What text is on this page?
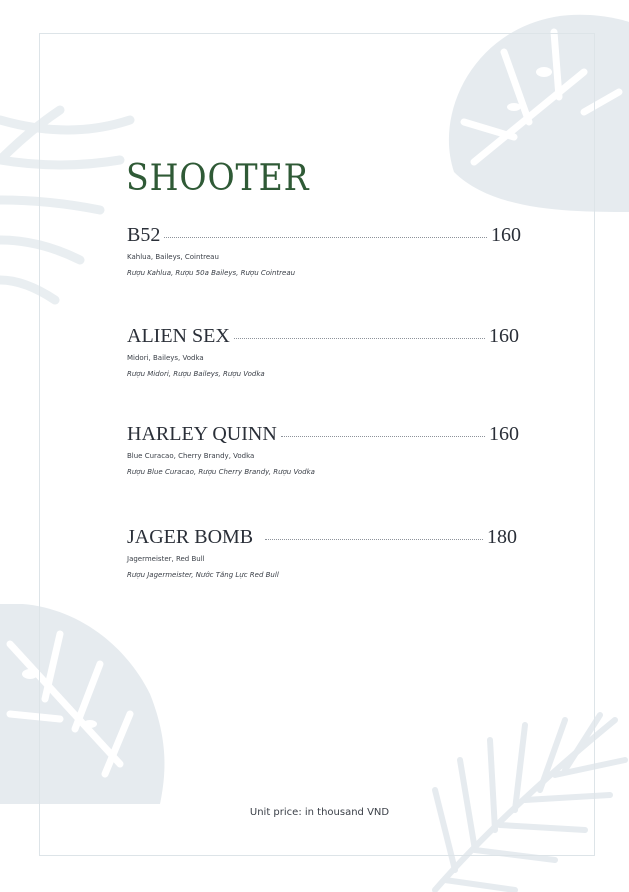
SHOOTER
B52	160
Kahlua, Baileys, Cointreau
Rượu Kahlua, Rượu 50a Baileys, Rượu Cointreau
ALIEN SEX	160
Midori, Baileys, Vodka
Rượu Midori, Rượu Baileys, Rượu Vodka
HARLEY QUINN	160
Blue Curacao, Cherry Brandy, Vodka
Rượu Blue Curacao, Rượu Cherry Brandy, Rượu Vodka
JAGER BOMB	180
Jagermeister, Red Bull
Rượu Jagermeister, Nước Tăng Lực Red Bull
Unit price: in thousand VND
